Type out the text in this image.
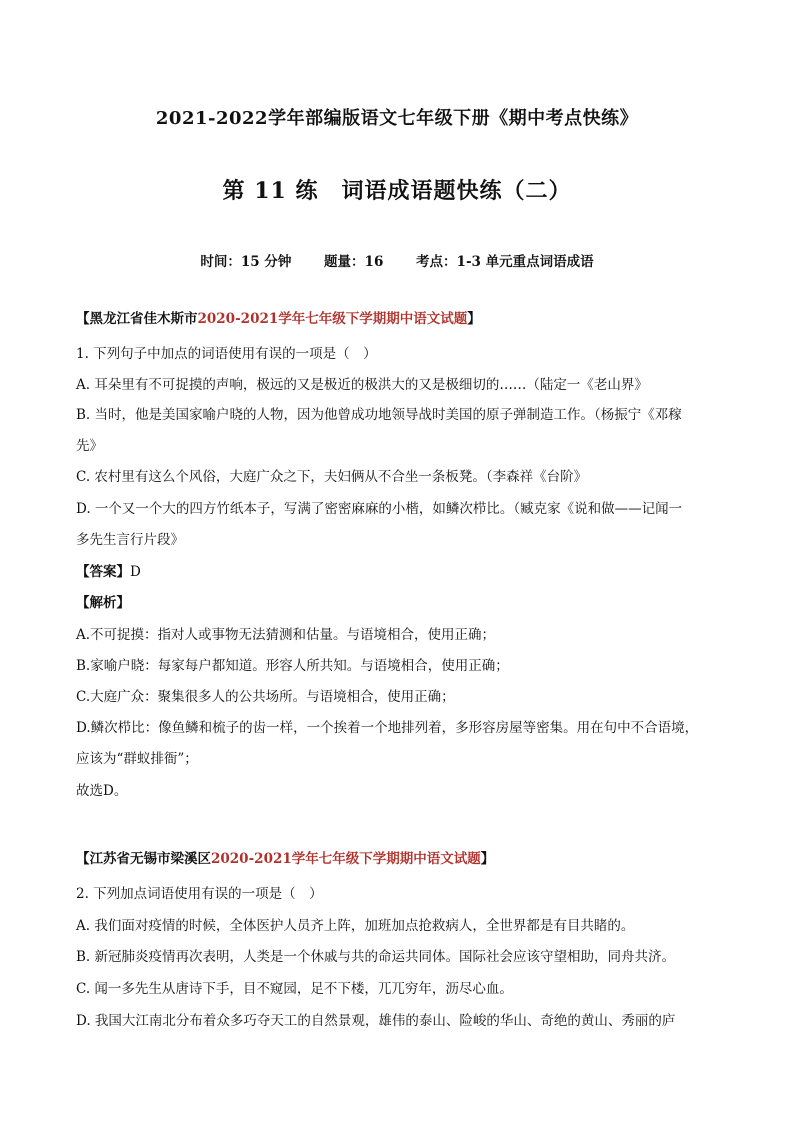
2021-2022学年部编版语文七年级下册《期中考点快练》
第 11 练　词语成语题快练（二）
时间：15 分钟 题量：16 考点：1-3 单元重点词语成语
【黑龙江省佳木斯市2020-2021学年七年级下学期期中语文试题】
1. 下列句子中加点的词语使用有误的一项是（　）
A. 耳朵里有不可捉摸的声响，极远的又是极近的极洪大的又是极细切的……（陆定一《老山界》
B. 当时，他是美国家喻户晓的人物，因为他曾成功地领导战时美国的原子弹制造工作。（杨振宁《邓稼
先》
C. 农村里有这么个风俗，大庭广众之下，夫妇俩从不合坐一条板凳。（李森祥《台阶》
D. 一个又一个大的四方竹纸本子，写满了密密麻麻的小楷，如鳞次栉比。（臧克家《说和做——记闻一
多先生言行片段》
【答案】D
【解析】
A.不可捉摸：指对人或事物无法猜测和估量。与语境相合，使用正确；
B.家喻户晓：每家每户都知道。形容人所共知。与语境相合，使用正确；
C.大庭广众：聚集很多人的公共场所。与语境相合，使用正确；
D.鳞次栉比：像鱼鳞和梳子的齿一样，一个挨着一个地排列着，多形容房屋等密集。用在句中不合语境，
应该为“群蚁排衙”；
故选D。
【江苏省无锡市梁溪区2020-2021学年七年级下学期期中语文试题】
2. 下列加点词语使用有误的一项是（　）
A. 我们面对疫情的时候，全体医护人员齐上阵，加班加点抢救病人，全世界都是有目共睹的。
B. 新冠肺炎疫情再次表明，人类是一个休戚与共的命运共同体。国际社会应该守望相助，同舟共济。
C. 闻一多先生从唐诗下手，目不窥园，足不下楼，兀兀穷年，沥尽心血。
D. 我国大江南北分布着众多巧夺天工的自然景观，雄伟的泰山、险峻的华山、奇绝的黄山、秀丽的庐
